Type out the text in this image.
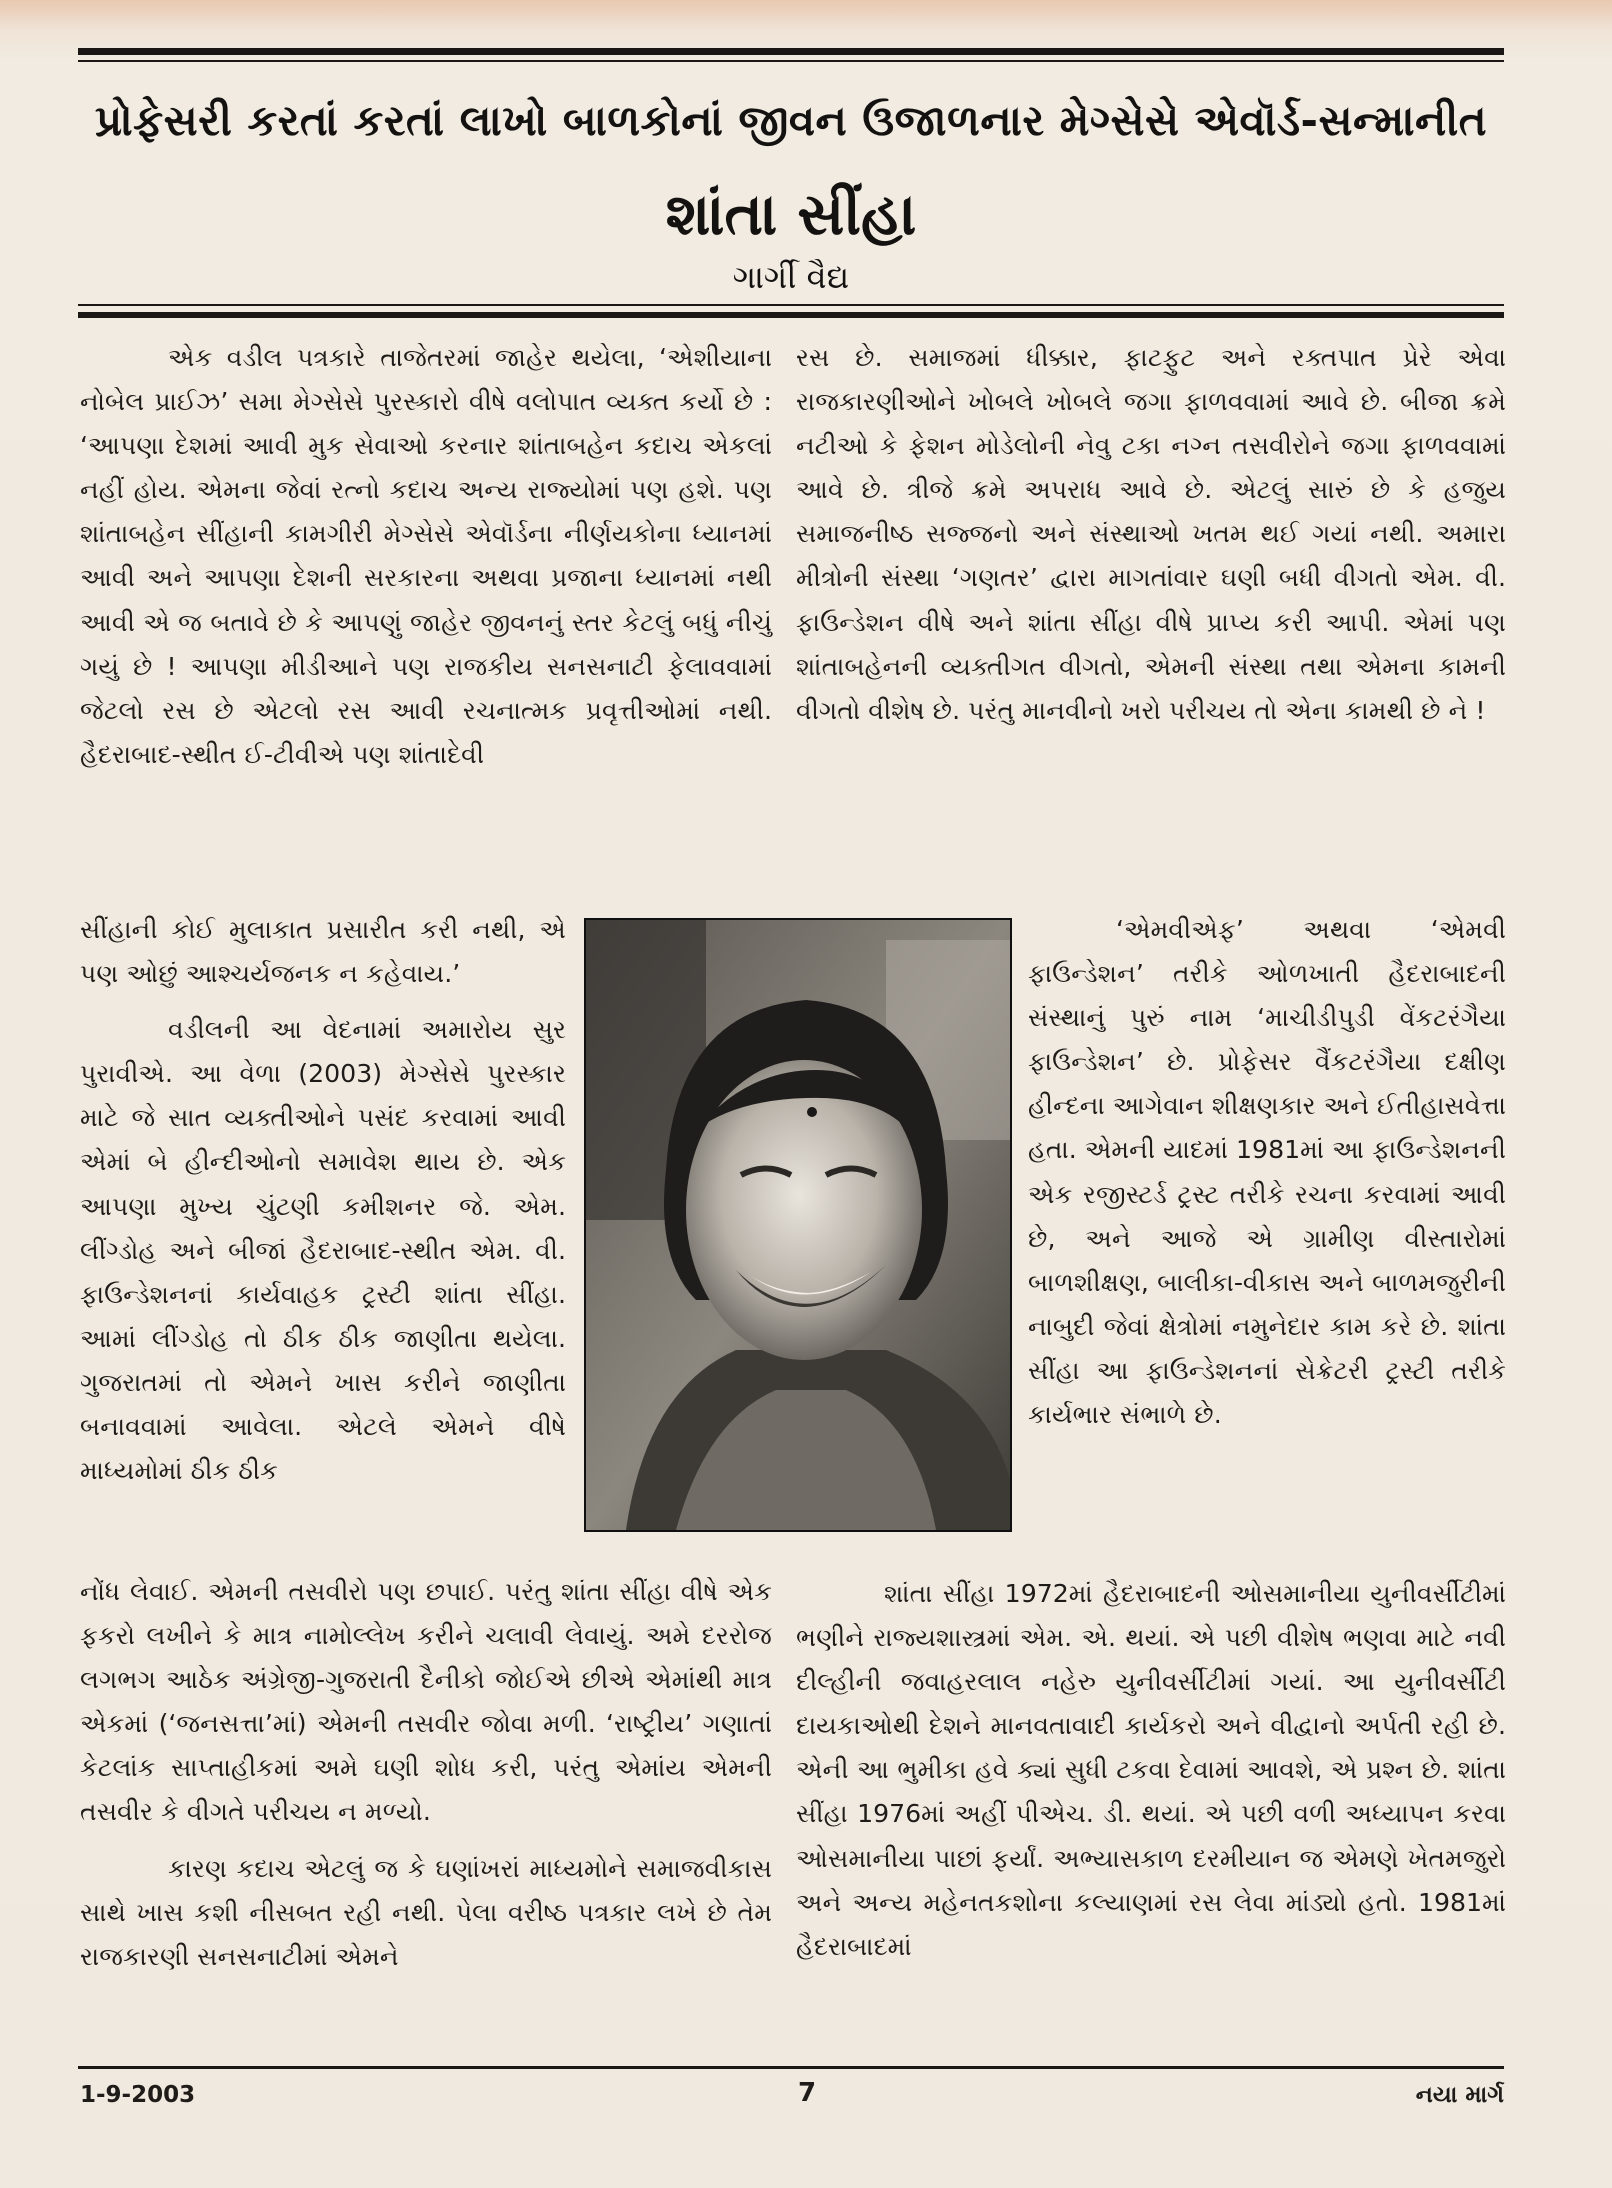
પ્રોફેસરી કરતાં કરતાં લાખો બાળકોનાં જીવન ઉજાળનાર મેગ્સેસે એવૉર્ડ-સન્માનીત
શાંતા સીંહા
ગાર્ગી વૈદ્ય

એક વડીલ પત્રકારે તાજેતરમાં જાહેર થયેલા, ‘એશીયાના નોબેલ પ્રાઈઝ’ સમા મેગ્સેસે પુરસ્કારો વીષે વલોપાત વ્યક્ત કર્યો છે : ‘આપણા દેશમાં આવી મુક સેવાઓ કરનાર શાંતાબહેન કદાચ એકલાં નહીં હોય. એમના જેવાં રત્નો કદાચ અન્ય રાજ્યોમાં પણ હશે. પણ શાંતાબહેન સીંહાની કામગીરી મેગ્સેસે એવૉર્ડના નીર્ણયકોના ધ્યાનમાં આવી અને આપણા દેશની સરકારના અથવા પ્રજાના ધ્યાનમાં નથી આવી એ જ બતાવે છે કે આપણું જાહેર જીવનનું સ્તર કેટલું બધું નીચું ગયું છે ! આપણા મીડીઆને પણ રાજકીય સનસનાટી ફેલાવવામાં જેટલો રસ છે એટલો રસ આવી રચનાત્મક પ્રવૃત્તીઓમાં નથી. હૈદરાબાદ-સ્થીત ઈ-ટીવીએ પણ શાંતાદેવી

સીંહાની કોઈ મુલાકાત પ્રસારીત કરી નથી, એ પણ ઓછું આશ્ચર્યજનક ન કહેવાય.’

વડીલની આ વેદનામાં અમારોય સુર પુરાવીએ. આ વેળા (2003) મેગ્સેસે પુરસ્કાર માટે જે સાત વ્યક્તીઓને પસંદ કરવામાં આવી એમાં બે હીન્દીઓનો સમાવેશ થાય છે. એક આપણા મુખ્ય ચુંટણી કમીશનર જે. એમ. લીંગ્ડોહ અને બીજાં હૈદરાબાદ-સ્થીત એમ. વી. ફાઉન્ડેશનનાં કાર્યવાહક ટ્રસ્ટી શાંતા સીંહા. આમાં લીંગ્ડોહ તો ઠીક ઠીક જાણીતા થયેલા. ગુજરાતમાં તો એમને ખાસ કરીને જાણીતા બનાવવામાં આવેલા. એટલે એમને વીષે માધ્યમોમાં ઠીક ઠીક

નોંધ લેવાઈ. એમની તસવીરો પણ છપાઈ. પરંતુ શાંતા સીંહા વીષે એક ફકરો લખીને કે માત્ર નામોલ્લેખ કરીને ચલાવી લેવાયું. અમે દરરોજ લગભગ આઠેક અંગ્રેજી-ગુજરાતી દૈનીકો જોઈએ છીએ એમાંથી માત્ર એકમાં (‘જનસત્તા’માં) એમની તસવીર જોવા મળી. ‘રાષ્ટ્રીય’ ગણાતાં કેટલાંક સાપ્તાહીકમાં અમે ઘણી શોધ કરી, પરંતુ એમાંય એમની તસવીર કે વીગતે પરીચય ન મળ્યો.

કારણ કદાચ એટલું જ કે ઘણાંખરાં માધ્યમોને સમાજવીકાસ સાથે ખાસ કશી નીસબત રહી નથી. પેલા વરીષ્ઠ પત્રકાર લખે છે તેમ રાજકારણી સનસનાટીમાં એમને

રસ છે. સમાજમાં ધીક્કાર, ફાટફુટ અને રક્તપાત પ્રેરે એવા રાજકારણીઓને ખોબલે ખોબલે જગા ફાળવવામાં આવે છે. બીજા ક્રમે નટીઓ કે ફેશન મોડેલોની નેવુ ટકા નગ્ન તસવીરોને જગા ફાળવવામાં આવે છે. ત્રીજે ક્રમે અપરાધ આવે છે. એટલું સારું છે કે હજુય સમાજનીષ્ઠ સજ્જનો અને સંસ્થાઓ ખતમ થઈ ગયાં નથી. અમારા મીત્રોની સંસ્થા ‘ગણતર’ દ્વારા માગતાંવાર ઘણી બધી વીગતો એમ. વી. ફાઉન્ડેશન વીષે અને શાંતા સીંહા વીષે પ્રાપ્ય કરી આપી. એમાં પણ શાંતાબહેનની વ્યક્તીગત વીગતો, એમની સંસ્થા તથા એમના કામની વીગતો વીશેષ છે. પરંતુ માનવીનો ખરો પરીચય તો એના કામથી છે ને !

‘એમવીએફ’ અથવા ‘એમવી ફાઉન્ડેશન’ તરીકે ઓળખાતી હૈદરાબાદની સંસ્થાનું પુરું નામ ‘માચીડીપુડી વેંકટરંગૈયા ફાઉન્ડેશન’ છે. પ્રોફેસર વૈંકટરંગૈયા દક્ષીણ હીન્દના આગેવાન શીક્ષણકાર અને ઈતીહાસવેત્તા હતા. એમની યાદમાં 1981માં આ ફાઉન્ડેશનની એક રજીસ્ટર્ડ ટ્રસ્ટ તરીકે રચના કરવામાં આવી છે, અને આજે એ ગ્રામીણ વીસ્તારોમાં બાળશીક્ષણ, બાલીકા-વીકાસ અને બાળમજુરીની નાબુદી જેવાં ક્ષેત્રોમાં નમુનેદાર કામ કરે છે. શાંતા સીંહા આ ફાઉન્ડેશનનાં સેક્રેટરી ટ્રસ્ટી તરીકે કાર્યભાર સંભાળે છે.

શાંતા સીંહા 1972માં હૈદરાબાદની ઓસમાનીયા યુનીવર્સીટીમાં ભણીને રાજ્યશાસ્ત્રમાં એમ. એ. થયાં. એ પછી વીશેષ ભણવા માટે નવી દીલ્હીની જવાહરલાલ નહેરુ યુનીવર્સીટીમાં ગયાં. આ યુનીવર્સીટી દાયકાઓથી દેશને માનવતાવાદી કાર્યકરો અને વીદ્વાનો અર્પતી રહી છે. એની આ ભુમીકા હવે ક્યાં સુધી ટકવા દેવામાં આવશે, એ પ્રશ્ન છે. શાંતા સીંહા 1976માં અહીં પીએચ. ડી. થયાં. એ પછી વળી અધ્યાપન કરવા ઓસમાનીયા પાછાં ફર્યાં. અભ્યાસકાળ દરમીયાન જ એમણે ખેતમજુરો અને અન્ય મહેનતકશોના કલ્યાણમાં રસ લેવા માંડ્યો હતો. 1981માં હૈદરાબાદમાં

1-9-2003	7	નયા માર્ગ
